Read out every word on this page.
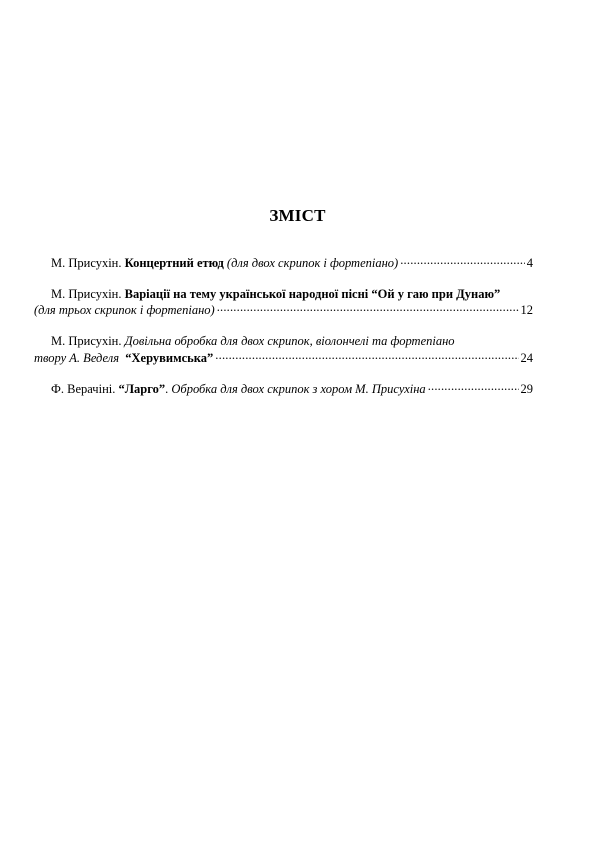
ЗМІСТ
М. Присухін. Концертний етюд (для двох скрипок і фортепіано) .....	4
М. Присухін. Варіації на тему української народної пісні “Ой у гаю при Дунаю”
(для трьох скрипок і фортепіано) .....	12
М. Присухін. Довільна обробка для двох скрипок, віолончелі та фортепіано
твору А. Веделя “Херувимська” .....	24
Ф. Верачіні. “Ларго”. Обробка для двох скрипок з хором М. Присухіна .....	29
